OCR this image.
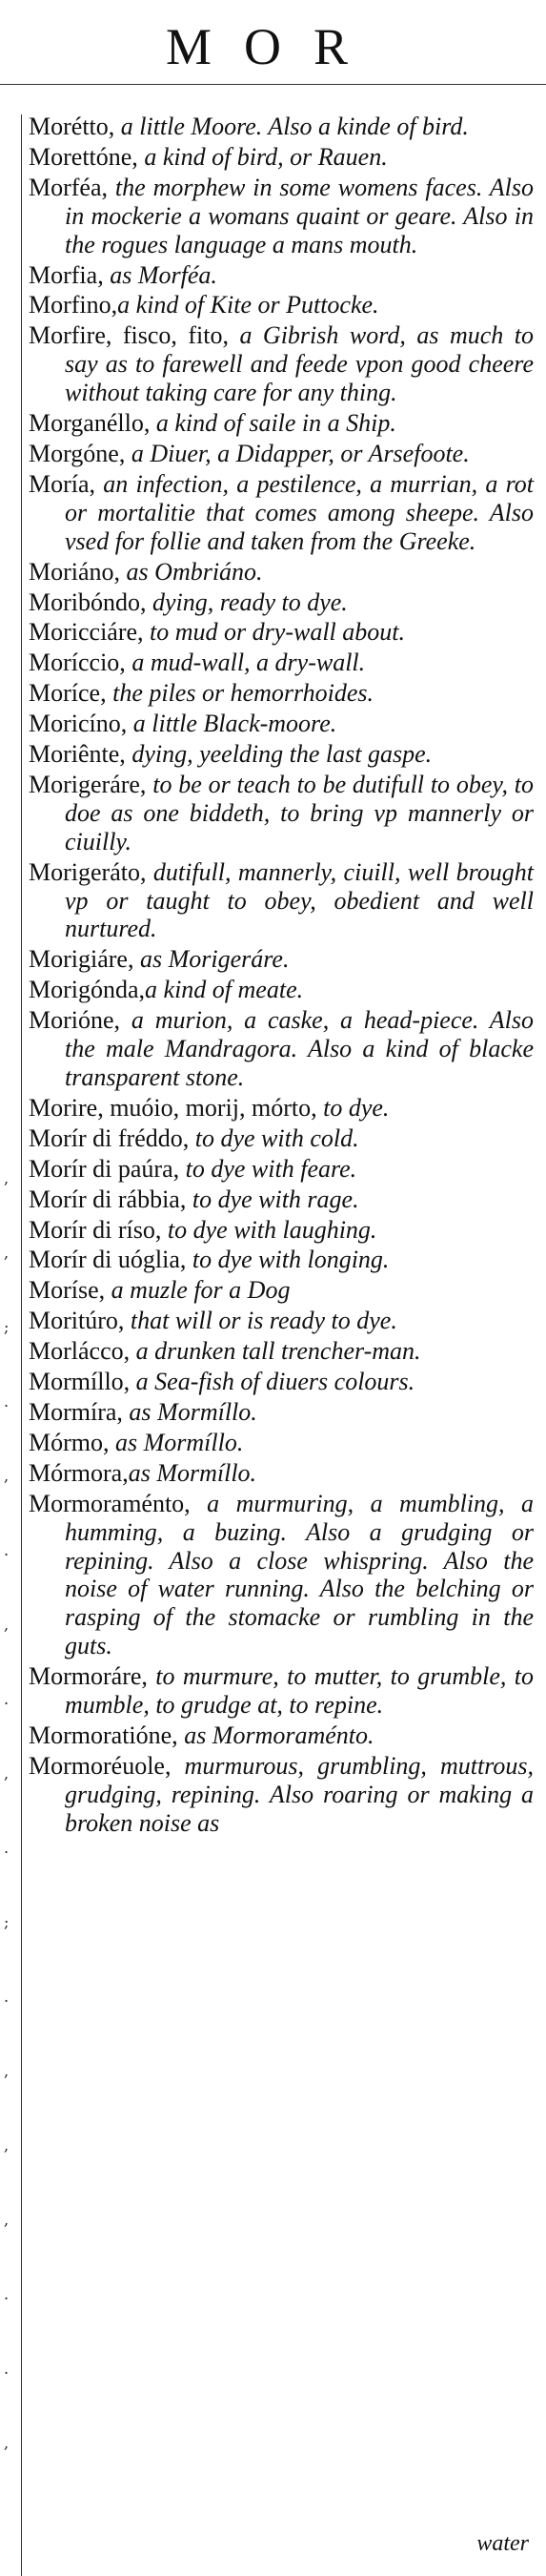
MOR
,
,
;
.
,
.
,
.
,
.
;
.
,
,
,
.
.
,
Morétto, a little Moore. Also a kinde of bird.
Morettóne, a kind of bird, or Rauen.
Morféa, the morphew in some womens faces. Also in mockerie a womans quaint or geare. Also in the rogues language a mans mouth.
Morfia, as Morféa.
Morfino,a kind of Kite or Puttocke.
Morfire, fisco, fito, a Gibrish word, as much to say as to farewell and feede vpon good cheere without taking care for any thing.
Morganéllo, a kind of saile in a Ship.
Morgóne, a Diuer, a Didapper, or Arsefoote.
Moría, an infection, a pestilence, a murrian, a rot or mortalitie that comes among sheepe. Also vsed for follie and taken from the Greeke.
Moriáno, as Ombriáno.
Moribóndo, dying, ready to dye.
Moricciáre, to mud or dry-wall about.
Moríccio, a mud-wall, a dry-wall.
Moríce, the piles or hemorrhoides.
Moricíno, a little Black-moore.
Moriênte, dying, yeelding the last gaspe.
Morigeráre, to be or teach to be dutifull to obey, to doe as one biddeth, to bring vp mannerly or ciuilly.
Morigeráto, dutifull, mannerly, ciuill, well brought vp or taught to obey, obedient and well nurtured.
Morigiáre, as Morigeráre.
Morigónda,a kind of meate.
Morióne, a murion, a caske, a head-piece. Also the male Mandragora. Also a kind of blacke transparent stone.
Morire, muóio, morij, mórto, to dye.
Morír di fréddo, to dye with cold.
Morír di paúra, to dye with feare.
Morír di rábbia, to dye with rage.
Morír di ríso, to dye with laughing.
Morír di uóglia, to dye with longing.
Moríse, a muzle for a Dog
Moritúro, that will or is ready to dye.
Morlácco, a drunken tall trencher-man.
Mormíllo, a Sea-fish of diuers colours.
Mormíra, as Mormíllo.
Mórmo, as Mormíllo.
Mórmora,as Mormíllo.
Mormoraménto, a murmuring, a mumbling, a humming, a buzing. Also a grudging or repining. Also a close whispring. Also the noise of water running. Also the belching or rasping of the stomacke or rumbling in the guts.
Mormoráre, to murmure, to mutter, to grumble, to mumble, to grudge at, to repine.
Mormoratióne, as Mormoraménto.
Mormoréuole, murmurous, grumbling, muttrous, grudging, repining. Also roaring or making a broken noise as
water
